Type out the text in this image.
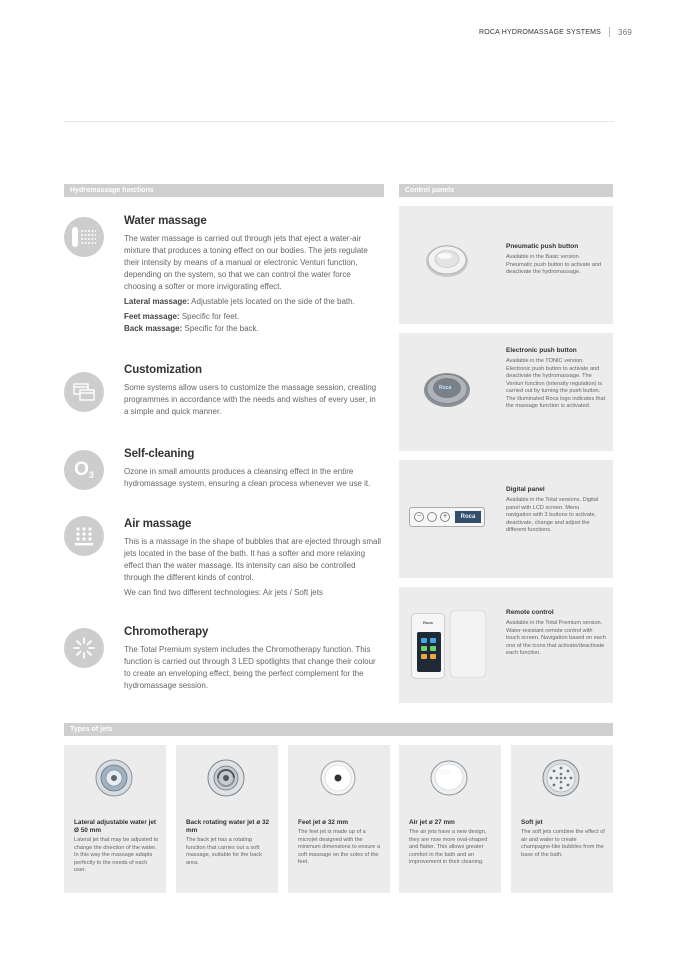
ROCA HYDROMASSAGE SYSTEMS 369
Hydromassage functions	Control panels
Types of jets
Water massage

The water massage is carried out through jets that eject a water-air mixture that produces a toning effect on our bodies. The jets regulate their intensity by means of a manual or electronic Venturi function, depending on the system, so that we can control the water force choosing a softer or more invigorating effect.

Lateral massage: Adjustable jets located on the side of the bath.

Feet massage: Specific for feet.

Back massage: Specific for the back.

Customization

Some systems allow users to customize the massage session, creating programmes in accordance with the needs and wishes of every user, in a simple and quick manner.

O 3
Self-cleaning

Ozone in small amounts produces a cleansing effect in the entire hydromassage system, ensuring a clean process whenever we use it.

Air massage

This is a massage in the shape of bubbles that are ejected through small jets located in the base of the bath. It has a softer and more relaxing effect than the water massage. Its intensity can also be controlled through the different kinds of control.

We can find two different technologies: Air jets / Soft jets

Chromotherapy

The Total Premium system includes the Chromotherapy function. This function is carried out through 3 LED spotlights that change their colour to create an enveloping effect, being the perfect complement for the hydromassage session.

Pneumatic push button

Available in the Basic version. Pneumatic push button to activate and deactivate the hydromassage.

Roca
Electronic push button

Available in the TONIC version. Electronic push button to activate and deactivate the hydromassage. The Venturi function (intensity regulation) is carried out by turning the push button. The illuminated Roca logo indicates that the massage function is activated.

−	+	Roca
Digital panel

Available in the Total versions. Digital panel with LCD screen. Menu navigation with 3 buttons to activate, deactivate, change and adjust the different functions.

Roca
Remote control

Available in the Total Premium version. Water-resistant remote control with touch screen. Navigation based on each one of the icons that activate/deactivate each function.

Lateral adjustable water jet Ø 50 mm

Lateral jet that may be adjusted to change the direction of the water. In this way the massage adapts perfectly to the needs of each user.

Back rotating water jet ø 32 mm

The back jet has a rotating function that carries out a soft massage, suitable for the back area.

Feet jet ø 32 mm

The feet jet is made up of a microjet designed with the minimum dimensions to ensure a soft massage on the soles of the feet.

Air jet ø 27 mm

The air jets have a new design, they are now more oval-shaped and flatter. This allows greater comfort in the bath and an improvement in their cleaning.

Soft jet

The soft jets combine the effect of air and water to create champagne-like bubbles from the base of the bath.
